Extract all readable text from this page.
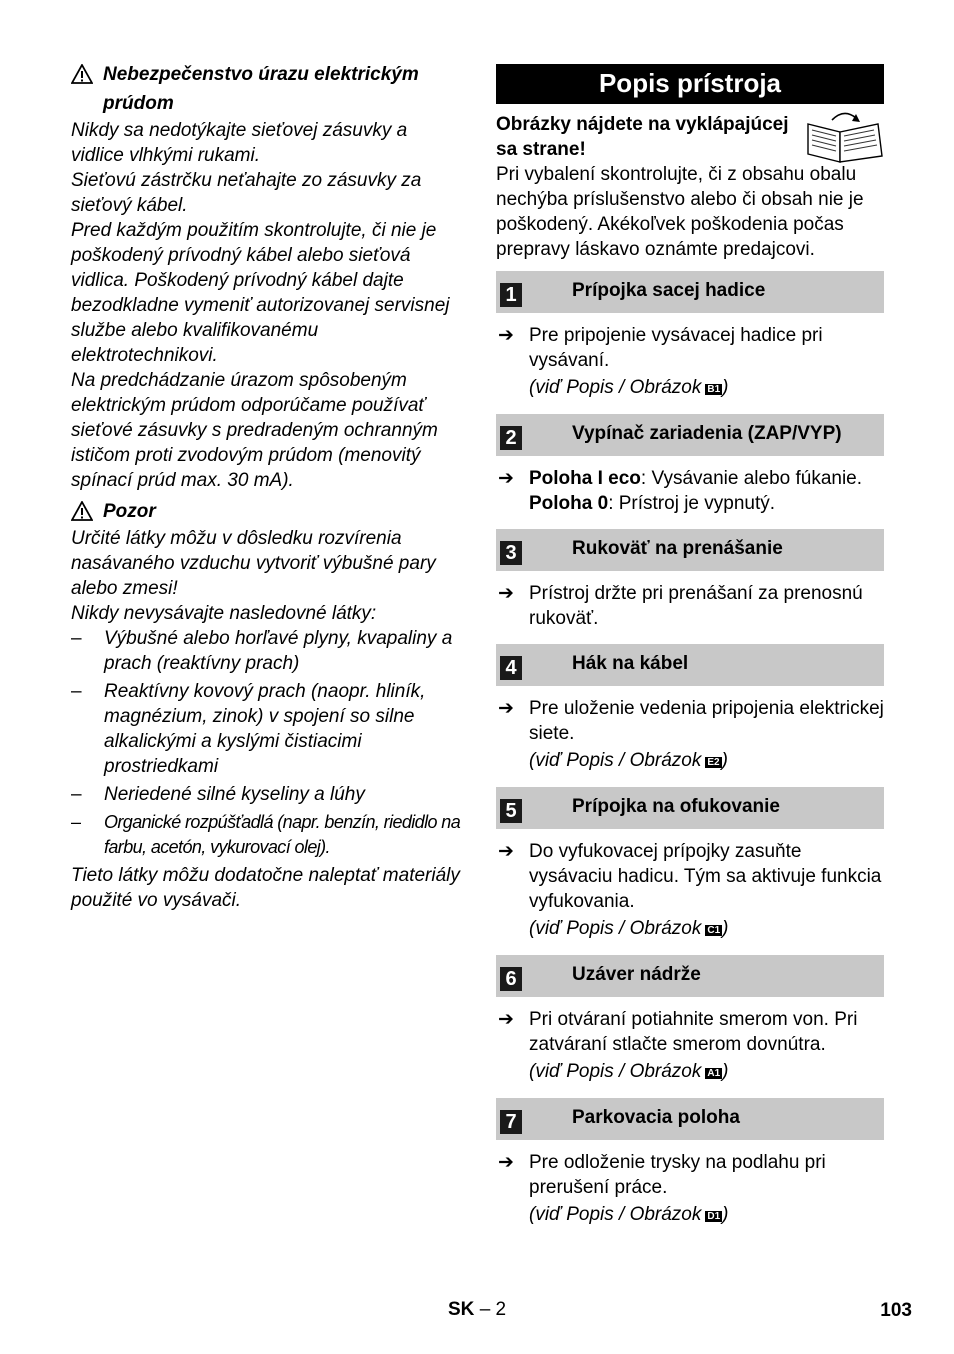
Nebezpečenstvo úrazu elektrickým prúdom

Nikdy sa nedotýkajte sieťovej zásuvky a vidlice vlhkými rukami.

Sieťovú zástrčku neťahajte zo zásuvky za sieťový kábel.

Pred každým použitím skontrolujte, či nie je poškodený prívodný kábel alebo sieťová vidlica. Poškodený prívodný kábel dajte bezodkladne vymeniť autorizovanej servisnej službe alebo kvalifikovanému elektrotechnikovi.

Na predchádzanie úrazom spôsobeným elektrickým prúdom odporúčame používať sieťové zásuvky s predradeným ochranným ističom proti zvodovým prúdom (menovitý spínací prúd max. 30 mA).

Pozor

Určité látky môžu v dôsledku rozvírenia nasávaného vzduchu vytvoriť výbušné pary alebo zmesi!

Nikdy nevysávajte nasledovné látky:

– Výbušné alebo horľavé plyny, kvapaliny a prach (reaktívny prach)
– Reaktívny kovový prach (naopr. hliník, magnézium, zinok) v spojení so silne alkalickými a kyslými čistiacimi prostriedkami
– Neriedené silné kyseliny a lúhy
– Organické rozpúšťadlá (napr. benzín, riedidlo na farbu, acetón, vykurovací olej).

Tieto látky môžu dodatočne naleptať materiály použité vo vysávači.

Popis prístroja
Obrázky nájdete na vyklápajúcej sa strane!

Pri vybalení skontrolujte, či z obsahu obalu nechýba príslušenstvo alebo či obsah nie je poškodený. Akékoľvek poškodenia počas prepravy láskavo oznámte predajcovi.

1	Prípojka sacej hadice
➔ Pre pripojenie vysávacej hadice pri vysávaní.
(viď Popis / Obrázok B1 )
2	Vypínač zariadenia (ZAP/VYP)
➔ Poloha I eco: Vysávanie alebo fúkanie.
Poloha 0: Prístroj je vypnutý.
3	Rukoväť na prenášanie
➔ Prístroj držte pri prenášaní za prenosnú rukoväť.
4	Hák na kábel
➔ Pre uloženie vedenia pripojenia elektrickej siete.
(viď Popis / Obrázok E2 )
5	Prípojka na ofukovanie
➔ Do vyfukovacej prípojky zasuňte vysávaciu hadicu. Tým sa aktivuje funkcia vyfukovania.
(viď Popis / Obrázok C1 )
6	Uzáver nádrže
➔ Pri otváraní potiahnite smerom von. Pri zatváraní stlačte smerom dovnútra.
(viď Popis / Obrázok A1 )
7	Parkovacia poloha
➔ Pre odloženie trysky na podlahu pri prerušení práce.
(viď Popis / Obrázok D1 )
SK – 2	103
